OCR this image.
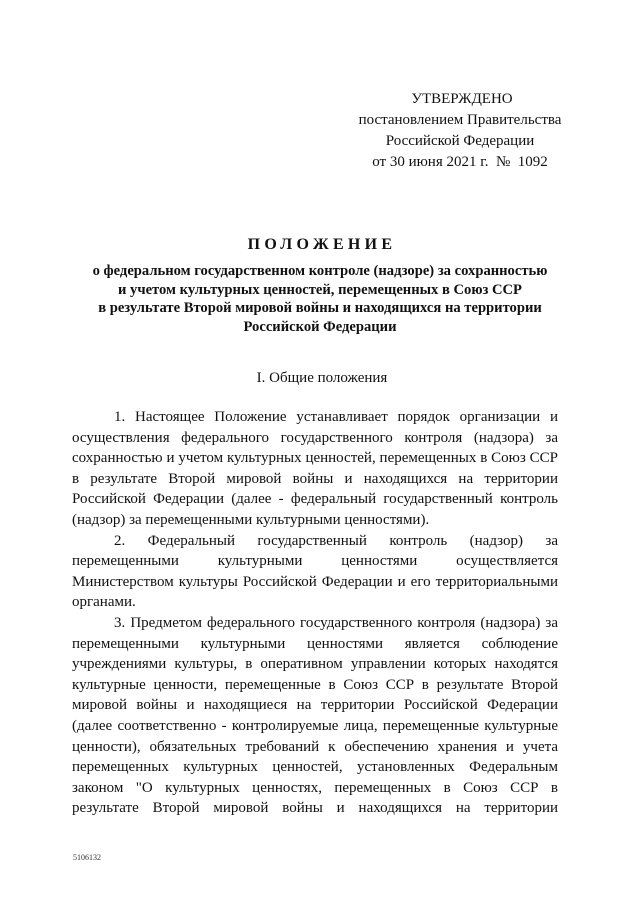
УТВЕРЖДЕНО
постановлением Правительства
Российской Федерации
от 30 июня 2021 г.  №  1092
ПОЛОЖЕНИЕ
о федеральном государственном контроле (надзоре) за сохранностью
и учетом культурных ценностей, перемещенных в Союз ССР
в результате Второй мировой войны и находящихся на территории
Российской Федерации
I. Общие положения

1. Настоящее Положение устанавливает порядок организации и осуществления федерального государственного контроля (надзора) за сохранностью и учетом культурных ценностей, перемещенных в Союз ССР в результате Второй мировой войны и находящихся на территории Российской Федерации (далее - федеральный государственный контроль (надзор) за перемещенными культурными ценностями).

2. Федеральный государственный контроль (надзор) за перемещенными культурными ценностями осуществляется Министерством культуры Российской Федерации и его территориальными органами.

3. Предметом федерального государственного контроля (надзора) за перемещенными культурными ценностями является соблюдение учреждениями культуры, в оперативном управлении которых находятся культурные ценности, перемещенные в Союз ССР в результате Второй мировой войны и находящиеся на территории Российской Федерации (далее соответственно - контролируемые лица, перемещенные культурные ценности), обязательных требований к обеспечению хранения и учета перемещенных культурных ценностей, установленных Федеральным законом "О культурных ценностях, перемещенных в Союз ССР в результате Второй мировой войны и находящихся на территории

5106132
